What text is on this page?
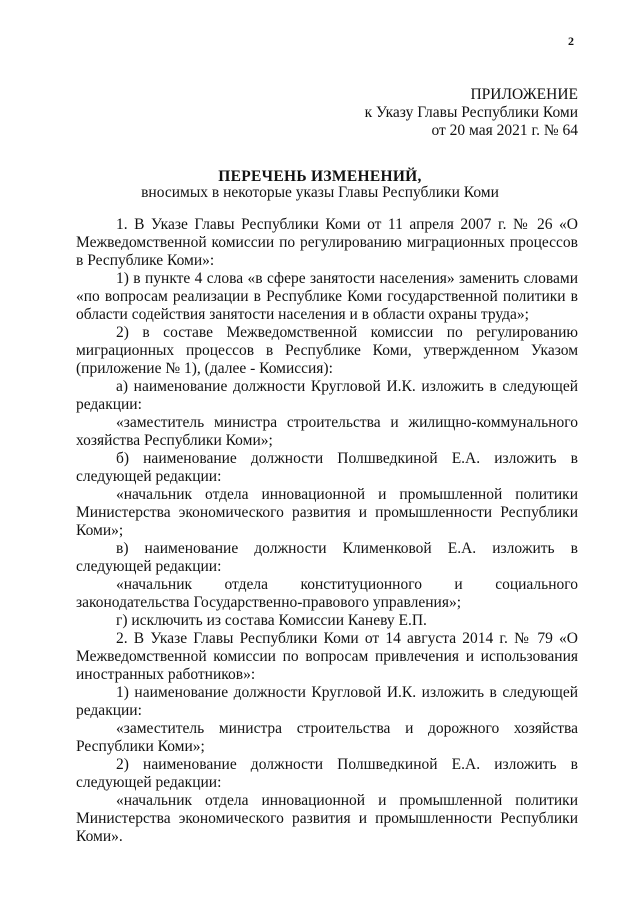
2
ПРИЛОЖЕНИЕ
к Указу Главы Республики Коми
от 20 мая 2021 г. № 64
ПЕРЕЧЕНЬ ИЗМЕНЕНИЙ,
вносимых в некоторые указы Главы Республики Коми

1. В Указе Главы Республики Коми от 11 апреля 2007 г. № 26 «О Межведомственной комиссии по регулированию миграционных процессов в Республике Коми»:

1) в пункте 4 слова «в сфере занятости населения» заменить словами «по вопросам реализации в Республике Коми государственной политики в области содействия занятости населения и в области охраны труда»;

2) в составе Межведомственной комиссии по регулированию миграционных процессов в Республике Коми, утвержденном Указом (приложение № 1), (далее - Комиссия):

а) наименование должности Кругловой И.К. изложить в следующей редакции:

«заместитель министра строительства и жилищно-коммунального хозяйства Республики Коми»;

б) наименование должности Полшведкиной Е.А. изложить в следующей редакции:

«начальник отдела инновационной и промышленной политики Министерства экономического развития и промышленности Республики Коми»;

в) наименование должности Клименковой Е.А. изложить в следующей редакции:

«начальник отдела конституционного и социального законодательства Государственно-правового управления»;

г) исключить из состава Комиссии Каневу Е.П.

2. В Указе Главы Республики Коми от 14 августа 2014 г. № 79 «О Межведомственной комиссии по вопросам привлечения и использования иностранных работников»:

1) наименование должности Кругловой И.К. изложить в следующей редакции:

«заместитель министра строительства и дорожного хозяйства Республики Коми»;

2) наименование должности Полшведкиной Е.А. изложить в следующей редакции:

«начальник отдела инновационной и промышленной политики Министерства экономического развития и промышленности Республики Коми».
